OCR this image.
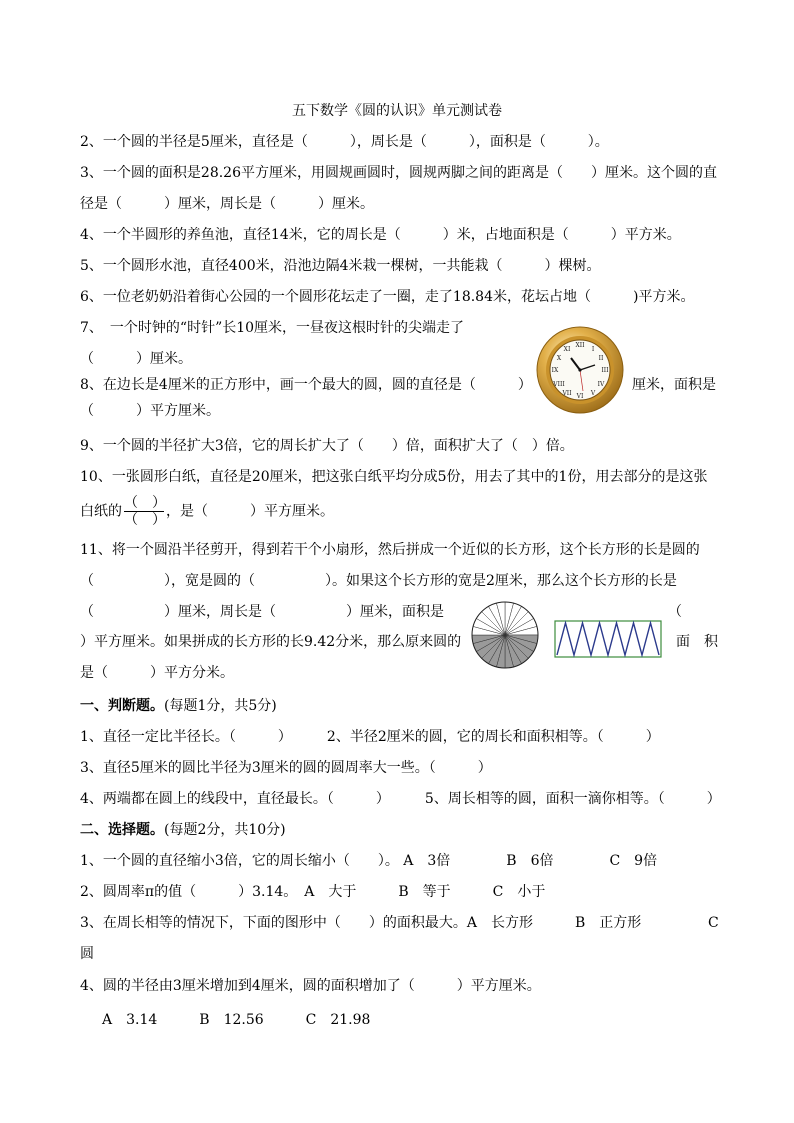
五下数学《圆的认识》单元测试卷
2、一个圆的半径是5厘米，直径是（　　　），周长是（　　　），面积是（　　　）。
3、一个圆的面积是28.26平方厘米，用圆规画圆时，圆规两脚之间的距离是（　　）厘米。这个圆的直
径是（　　　）厘米，周长是（　　　）厘米。
4、一个半圆形的养鱼池，直径14米，它的周长是（　　　）米，占地面积是（　　　）平方米。
5、一个圆形水池，直径400米，沿池边隔4米栽一棵树，一共能栽（　　　）棵树。
6、一位老奶奶沿着街心公园的一个圆形花坛走了一圈，走了18.84米，花坛占地（　　　)平方米。
7、　一个时钟的“时针”长10厘米，一昼夜这根时针的尖端走了
（　　　）厘米。
8、在边长是4厘米的正方形中，画一个最大的圆，圆的直径是（　　　）	厘米，面积是
（　　　）平方厘米。
9、一个圆的半径扩大3倍，它的周长扩大了（　　）倍，面积扩大了（　）倍。
10、一张圆形白纸，直径是20厘米，把这张白纸平均分成5份，用去了其中的1份，用去部分的是这张
白纸的 $\frac{( )}{( )}$ ，是（　　　）平方厘米。
11、将一个圆沿半径剪开，得到若干个小扇形，然后拼成一个近似的长方形，这个长方形的长是圆的
（　　　　　），宽是圆的（　　　　　）。如果这个长方形的宽是2厘米，那么这个长方形的长是
（　　　　　）厘米，周长是（　　　　　）厘米，面积是	（
）平方厘米。如果拼成的长方形的长9.42分米，那么原来圆的	面　积
是（　　　）平方分米。
一、判断题。(每题1分，共5分)
1、直径一定比半径长。（　　　）　　　2、半径2厘米的圆，它的周长和面积相等。（　　　）
3、直径5厘米的圆比半径为3厘米的圆的圆周率大一些。（　　　）
4、两端都在圆上的线段中，直径最长。（　　　）　　　5、周长相等的圆，面积一滴你相等。（　　　）
二、选择题。(每题2分，共10分)
1、一个圆的直径缩小3倍，它的周长缩小（　　）。 A　3倍　　　　B　6倍　　　　C　9倍
2、圆周率π的值（　　　）3.14。　A　大于　　　B　等于　　　C　小于
3、在周长相等的情况下，下面的图形中（　　）的面积最大。A　长方形　　　B　正方形	C
圆
4、圆的半径由3厘米增加到4厘米，圆的面积增加了（　　　）平方厘米。
A　3.14　　　B　12.56　　　C　21.98
XII
III
VI
IX
I
II
IV
V
VII
VIII
X
XI
